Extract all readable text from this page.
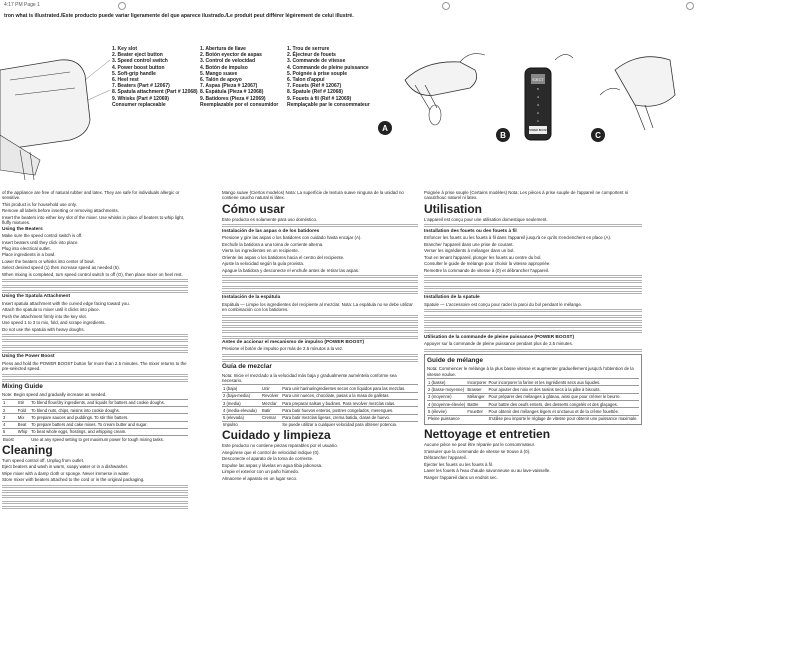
4:17 PM Page 1
tron what is illustrated./Este producto puede variar ligeramente del que aparece ilustrado./Le produit peut différer légèrement de celui illustré.
1. Key slot
2. Beater eject button
3. Speed control switch
4. Power boost button
5. Soft-grip handle
6. Heel rest
7. Beaters (Part # 12067)
8. Spatula attachment (Part # 12068)
9. Whisks (Part # 12069)
Consumer replaceable
1. Abertura de llave
2. Botón eyector de aspas
3. Control de velocidad
4. Botón de impulso
5. Mango suave
6. Talón de apoyo
7. Aspas (Pieza # 12067)
8. Espátula (Pieza # 12068)
9. Batidores (Pieza # 12069)
Reemplazable por el consumidor
1. Trou de serrure
2. Éjecteur de fouets
3. Commande de vitesse
4. Commande de pleine puissance
5. Poignée à prise souple
6. Talon d'appui
7. Fouets (Réf # 12067)
8. Spatule (Réf # 12068)
9. Fouets à fil (Réf # 12069)
Remplaçable par le consommateur
A
EJECT
5
4
3
2
1
POWER BOOST
B	C

of the appliance are free of natural rubber and latex. They are safe for individuals allergic or sensitive.

This product is for household use only.

Remove all labels before inserting or removing attachments.

Insert the beaters into either key slot of the mixer. Use whisks in place of beaters to whip light, fluffy mixtures.

Using the Beaters

Make sure the speed control switch is off.

Insert beaters until they click into place.

Plug into electrical outlet.

Place ingredients in a bowl.

Lower the beaters or whisks into center of bowl.

Select desired speed (1) then increase speed as needed (5).

When mixing is completed, turn speed control switch to off (O), then place mixer on heel rest.

Using the Spatula Attachment

Insert spatula attachment with the curved edge facing toward you.

Attach the spatula to mixer until it clicks into place.

Push the attachment firmly into the key slot.

Use speed 1 to 3 to mix, fold, and scrape ingredients.

Do not use the spatula with heavy doughs.

Using the Power Boost

Press and hold the POWER BOOST button for more than 2.5 minutes. The mixer returns to the pre-selected speed.

Mixing Guide

Note: Begin speed and gradually increase as needed.

1	Stir	To blend flour/dry ingredients, and liquids for batters and cookie doughs.
2	Fold	To blend nuts, chips, raisins into cookie doughs.
3	Mix	To prepare sauces and puddings. To stir thin batters.
4	Beat	To prepare batters and cake mixes. To cream butter and sugar.
5	Whip	To beat whole eggs, frostings, and whipping cream.
Boost		Use at any speed setting to get maximum power for tough mixing tasks.

Cleaning

Turn speed control off. Unplug from outlet.

Eject beaters and wash in warm, soapy water or in a dishwasher.

Wipe mixer with a damp cloth or sponge. Never immerse in water.

Store mixer with beaters attached to the cord or in the original packaging.

Mango suave (Ciertos modelos) Nota: La superficie de textura suave ninguna de la unidad no contiene caucho natural ni látex.

Cómo usar

Este producto es solamente para uso doméstico.

Instalación de las aspas o de los batidores

Presione y gire las aspas o los batidores con cuidado hasta encajar (A).

Enchufe la batidora a una toma de corriente alterna.

Vierta los ingredientes en un recipiente.

Oriente las aspas o los batidores hacia el centro del recipiente.

Ajuste la velocidad según la guía provista.

Apague la batidora y desconecte el enchufe antes de retirar las aspas.

Instalación de la espátula

Espátula — Limpie los ingredientes del recipiente al mezclar. Nota: La espátula no se debe utilizar en combinación con los batidores.

Antes de accionar el mecanismo de impulso (POWER BOOST)

Presione el botón de impulso por más de 2.5 minutos a la vez.

Guía de mezclar

Nota: Inicie el mezclado a la velocidad más baja y gradualmente auméntela conforme sea necesario.

1 (baja)	Unir	Para unir harina/ingredientes secos con líquidos para las mezclas.
2 (baja-media)	Revolver	Para unir nueces, chocolate, pasas a la masa de galletas.
3 (media)	Mezclar	Para preparar salsas y budines. Para revolver mezclas ralas.
4 (media-elevada)	Batir	Para batir huevos enteros, postres congelados, merengues.
5 (elevada)	Cremar	Para batir mezclas ligeras, crema batida, claras de huevo.
Impulso		Se puede utilizar a cualquier velocidad para obtener potencia.

Cuidado y limpieza

Este producto no contiene piezas reparables por el usuario.

Asegúrese que el control de velocidad indique (0).

Desconecte el aparato de la toma de corriente.

Expulse las aspas y lávelas en agua tibia jabonosa.

Limpie el exterior con un paño húmedo.

Almacene el aparato en un lugar seco.

Poignée à prise souple (Certains modèles) Nota: Les pièces à prise souple de l'appareil ne comportent ni caoutchouc naturel ni latex.

Utilisation

L'appareil est conçu pour une utilisation domestique seulement.

Installation des fouets ou des fouets à fil

Enfoncer les fouets ou les fouets à fil dans l'appareil jusqu'à ce qu'ils s'enclenchent en place (A).

Brancher l'appareil dans une prise de courant.

Verser les ingrédients à mélanger dans un bol.

Tout en tenant l'appareil, plonger les fouets au centre du bol.

Consulter le guide de mélange pour choisir la vitesse appropriée.

Remettre la commande de vitesse à (0) et débrancher l'appareil.

Installation de la spatule

Spatule — L'accessoire est conçu pour racler la paroi du bol pendant le mélange.

Utilisation de la commande de pleine puissance (POWER BOOST)

Appuyer sur la commande de pleine puissance pendant plus de 2,5 minutes.

Guide de mélange

Nota: Commencer le mélange à la plus basse vitesse et augmenter graduellement jusqu'à l'obtention de la vitesse voulue.

1 (basse)	Incorporer	Pour incorporer la farine et les ingrédients secs aux liquides.
2 (basse-moyenne)	Brasser	Pour ajouter des noix et des raisins secs à la pâte à biscuits.
3 (moyenne)	Mélanger	Pour préparer des mélanges à gâteau, ainsi que pour crémer le beurre.
4 (moyenne-élevée)	Battre	Pour battre des oeufs entiers, des desserts congelés et des glaçages.
5 (élevée)	Fouetter	Pour obtenir des mélanges légers et onctueux et de la crème fouettée.
Pleine puissance		S'utilise peu importe le réglage de vitesse pour obtenir une puissance maximale.

Nettoyage et entretien

Aucune pièce ne peut être réparée par le consommateur.

S'assurer que la commande de vitesse se trouve à (0).

Débrancher l'appareil.

Éjecter les fouets ou les fouets à fil.

Laver les fouets à l'eau chaude savonneuse ou au lave-vaisselle.

Ranger l'appareil dans un endroit sec.
